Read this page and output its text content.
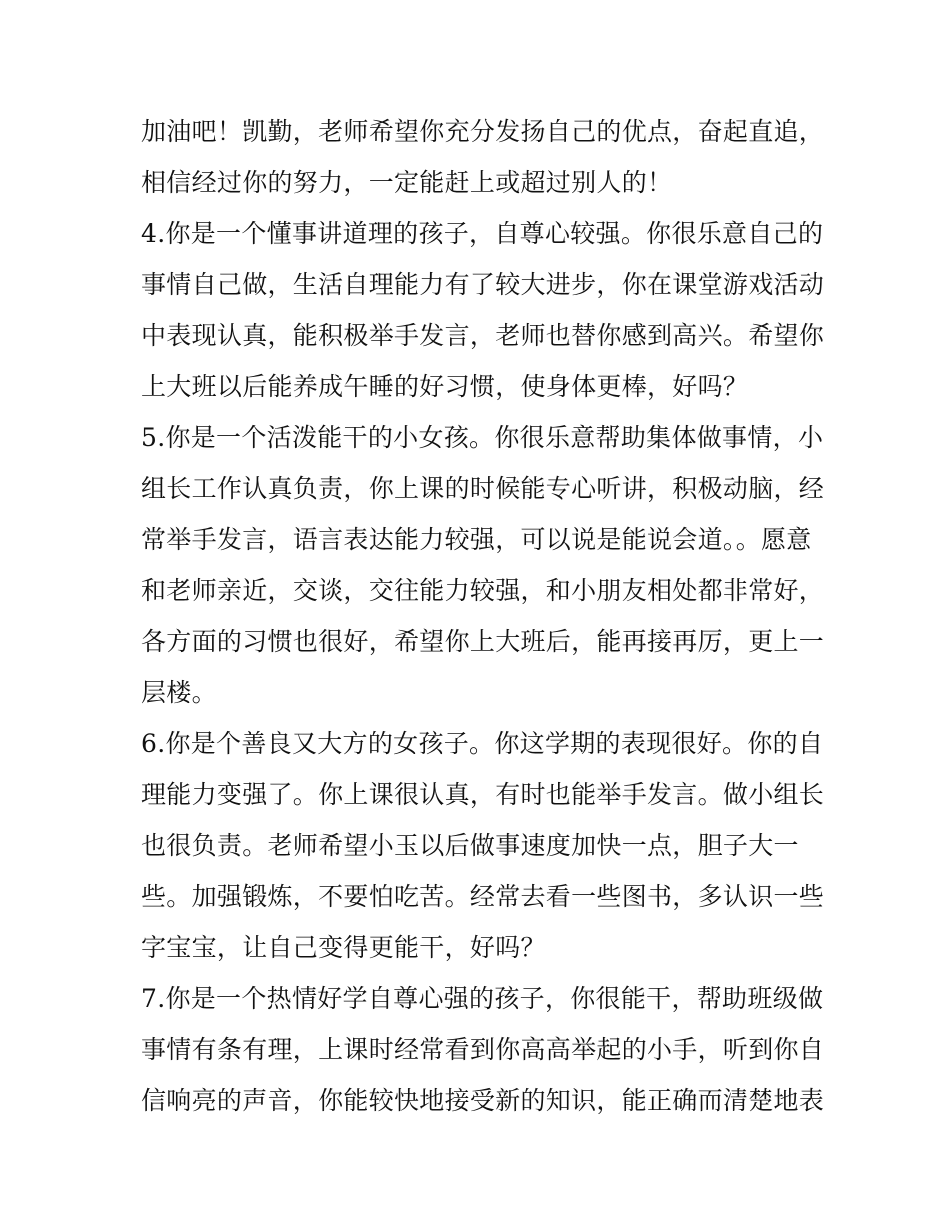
加油吧！凯勤，老师希望你充分发扬自己的优点，奋起直追，
相信经过你的努力，一定能赶上或超过别人的！
4.你是一个懂事讲道理的孩子，自尊心较强。你很乐意自己的
事情自己做，生活自理能力有了较大进步，你在课堂游戏活动
中表现认真，能积极举手发言，老师也替你感到高兴。希望你
上大班以后能养成午睡的好习惯，使身体更棒，好吗？
5.你是一个活泼能干的小女孩。你很乐意帮助集体做事情，小
组长工作认真负责，你上课的时候能专心听讲，积极动脑，经
常举手发言，语言表达能力较强，可以说是能说会道。。愿意
和老师亲近，交谈，交往能力较强，和小朋友相处都非常好，
各方面的习惯也很好，希望你上大班后，能再接再厉，更上一
层楼。
6.你是个善良又大方的女孩子。你这学期的表现很好。你的自
理能力变强了。你上课很认真，有时也能举手发言。做小组长
也很负责。老师希望小玉以后做事速度加快一点，胆子大一
些。加强锻炼，不要怕吃苦。经常去看一些图书，多认识一些
字宝宝，让自己变得更能干，好吗？
7.你是一个热情好学自尊心强的孩子，你很能干，帮助班级做
事情有条有理，上课时经常看到你高高举起的小手，听到你自
信响亮的声音，你能较快地接受新的知识，能正确而清楚地表
